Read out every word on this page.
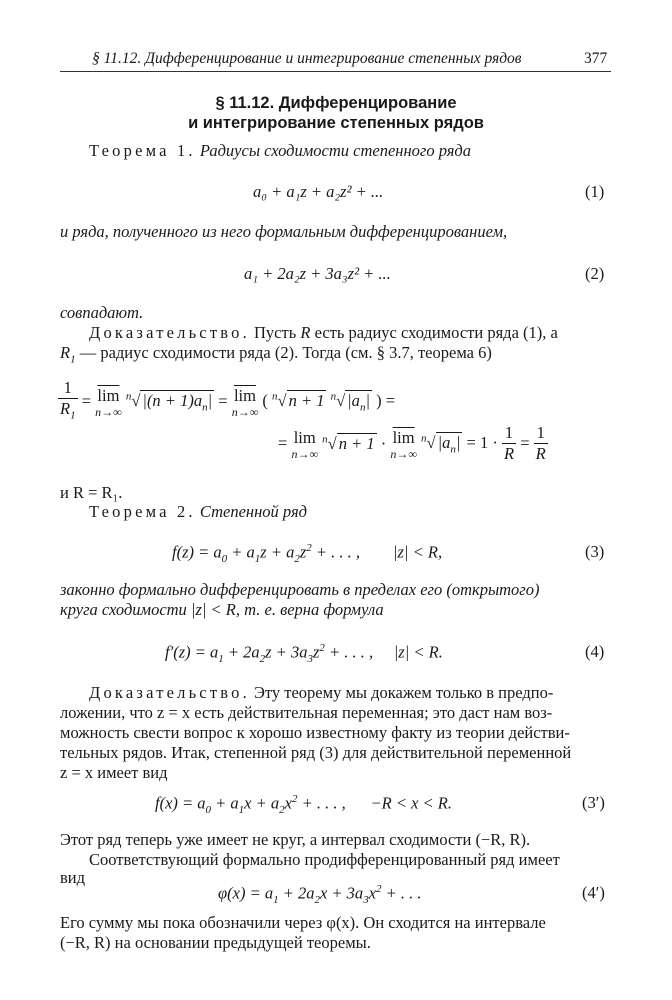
§ 11.12. Дифференцирование и интегрирование степенных рядов	377
§ 11.12. Дифференцирование
и интегрирование степенных рядов
Теорема 1. Радиусы сходимости степенного ряда
a₀ + a₁z + a₂z² + ...	(1)
и ряда, полученного из него формальным дифференцированием,
a₁ + 2a₂z + 3a₃z² + ...	(2)
совпадают.
Доказательство. Пусть R есть радиус сходимости ряда (1), а
$R_1$ — радиус сходимости ряда (2). Тогда (см. § 3.7, теорема 6)
$\frac{1}{R_1} = \overline{lim}$
n→∞
$^n$√ $|(n + 1)a_n| = \overline{lim}$
n→∞
( $^n$√ n + 1 $^n$√ $|a_n|$ ) =
= lim
n→∞
$^n$√ $n + 1 \cdot \overline{lim}$
n→∞
$^n$√ $|a_n| = 1 \cdot \frac{1}{R} = \frac{1}{R}$
и R = R₁.
Теорема 2. Степенной ряд
$f(z) = a_0 + a_1z + a_2z^2$ + . . . ,        |z| < R,	(3)
законно формально дифференцировать в пределах его (открытого)
круга сходимости |z| < R, т. е. верна формула
$f'(z) = a_1 + 2a_2z + 3a_3z^2$ + . . . ,     |z| < R.	(4)
Доказательство. Эту теорему мы докажем только в предпо-
ложении, что z = x есть действительная переменная; это даст нам воз-
можность свести вопрос к хорошо известному факту из теории действи-
тельных рядов. Итак, степенной ряд (3) для действительной переменной
z = x имеет вид
$f(x) = a_0 + a_1x + a_2x^2$ + . . . ,      −R < x < R.	(3′)
Этот ряд теперь уже имеет не круг, а интервал сходимости (−R, R).
Соответствующий формально продифференцированный ряд имеет
вид
$\varphi(x) = a_1 + 2a_2x + 3a_3x^2$ + . . .	(4′)
Его сумму мы пока обозначили через φ(x). Он сходится на интервале
(−R, R) на основании предыдущей теоремы.
